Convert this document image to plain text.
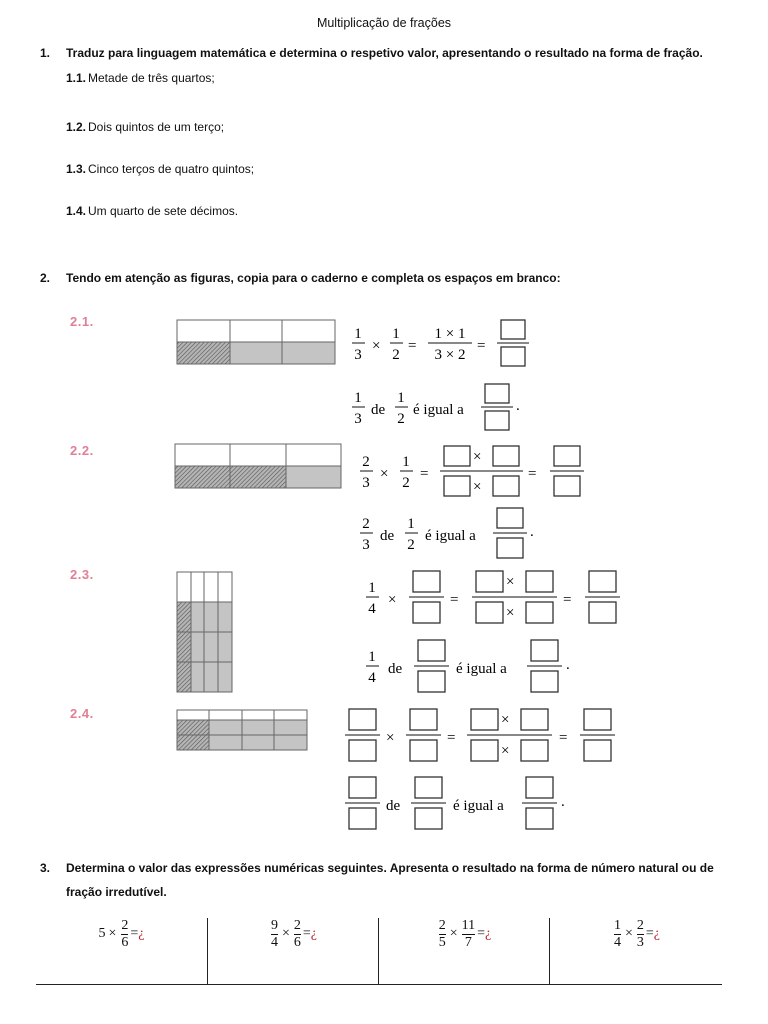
Multiplicação de frações
1. Traduz para linguagem matemática e determina o respetivo valor, apresentando o resultado na forma de fração.
1.1. Metade de três quartos;
1.2. Dois quintos de um terço;
1.3. Cinco terços de quatro quintos;
1.4. Um quarto de sete décimos.
2. Tendo em atenção as figuras, copia para o caderno e completa os espaços em branco:
2.1.
2.2.
2.3.
2.4.
1
3
×
1
2
=
1 × 1
3 × 2
=
1
3
de
1
2
é igual a	.
2
3
×
1
2
=
×
×
=
2
3
de
1
2
é igual a	.
1
4
×	=
×
×
=
1
4
de	é igual a	.
×	=
×
×
=
de	é igual a	.
3. Determina o valor das expressões numéricas seguintes. Apresenta o resultado na forma de número natural ou de
fração irredutível.
5 ×
2
6
= ¿
9
4
×
2
6
= ¿
2
5
×
11
7
= ¿
1
4
×
2
3
= ¿
